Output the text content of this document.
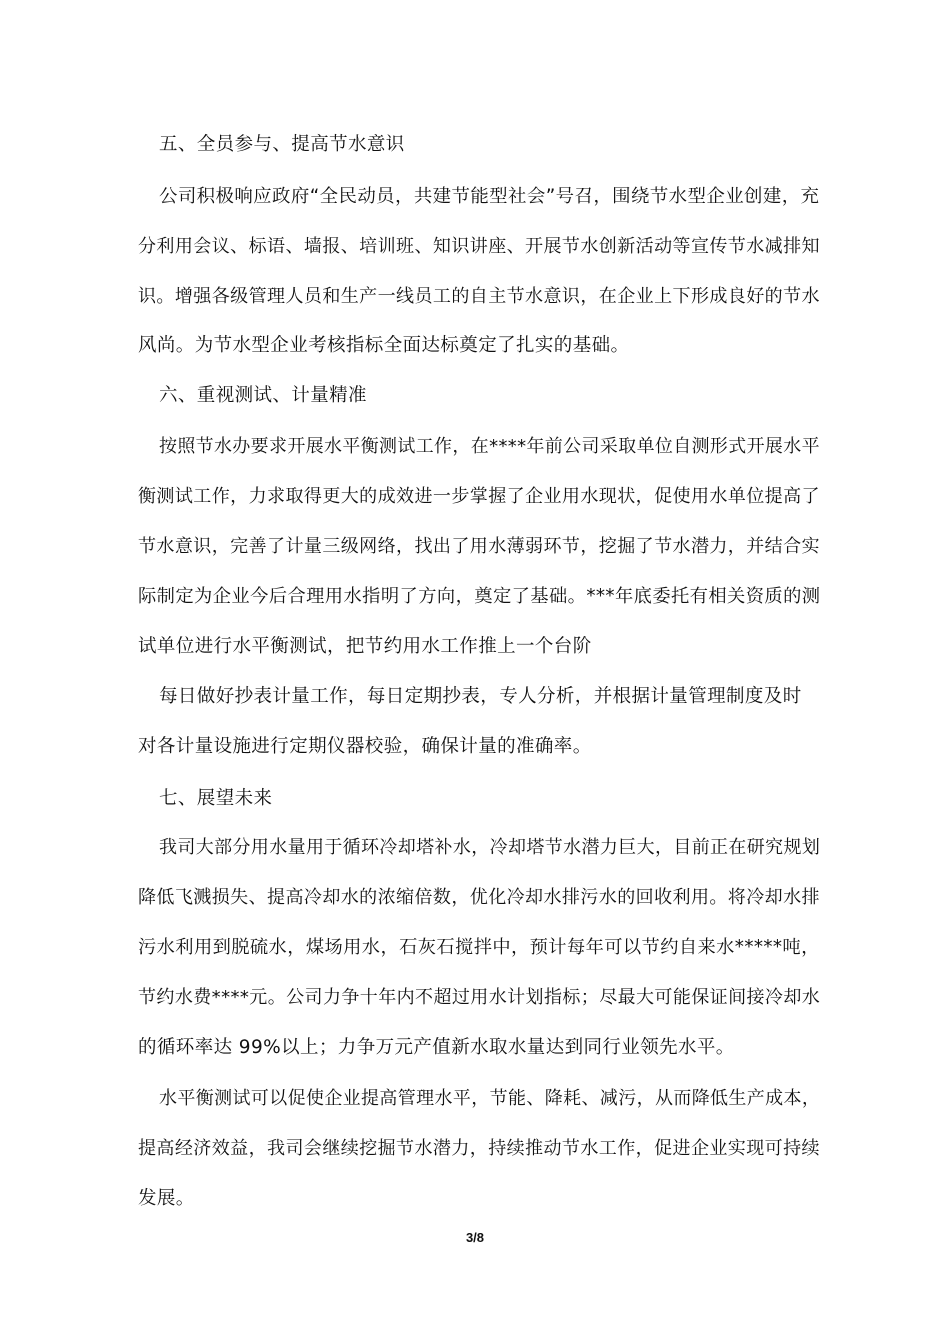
五、全员参与、提高节水意识
公司积极响应政府“全民动员，共建节能型社会”号召，围绕节水型企业创建，充
分利用会议、标语、墙报、培训班、知识讲座、开展节水创新活动等宣传节水减排知
识。增强各级管理人员和生产一线员工的自主节水意识，在企业上下形成良好的节水
风尚。为节水型企业考核指标全面达标奠定了扎实的基础。
六、重视测试、计量精准
按照节水办要求开展水平衡测试工作，在****年前公司采取单位自测形式开展水平
衡测试工作，力求取得更大的成效进一步掌握了企业用水现状，促使用水单位提高了
节水意识，完善了计量三级网络，找出了用水薄弱环节，挖掘了节水潜力，并结合实
际制定为企业今后合理用水指明了方向，奠定了基础。***年底委托有相关资质的测
试单位进行水平衡测试，把节约用水工作推上一个台阶
每日做好抄表计量工作，每日定期抄表，专人分析，并根据计量管理制度及时
对各计量设施进行定期仪器校验，确保计量的准确率。
七、展望未来
我司大部分用水量用于循环冷却塔补水，冷却塔节水潜力巨大，目前正在研究规划
降低飞溅损失、提高冷却水的浓缩倍数，优化冷却水排污水的回收利用。将冷却水排
污水利用到脱硫水，煤场用水，石灰石搅拌中，预计每年可以节约自来水*****吨，
节约水费****元。公司力争十年内不超过用水计划指标；尽最大可能保证间接冷却水
的循环率达 99%以上；力争万元产值新水取水量达到同行业领先水平。
水平衡测试可以促使企业提高管理水平，节能、降耗、减污，从而降低生产成本，
提高经济效益，我司会继续挖掘节水潜力，持续推动节水工作，促进企业实现可持续
发展。
3/8
